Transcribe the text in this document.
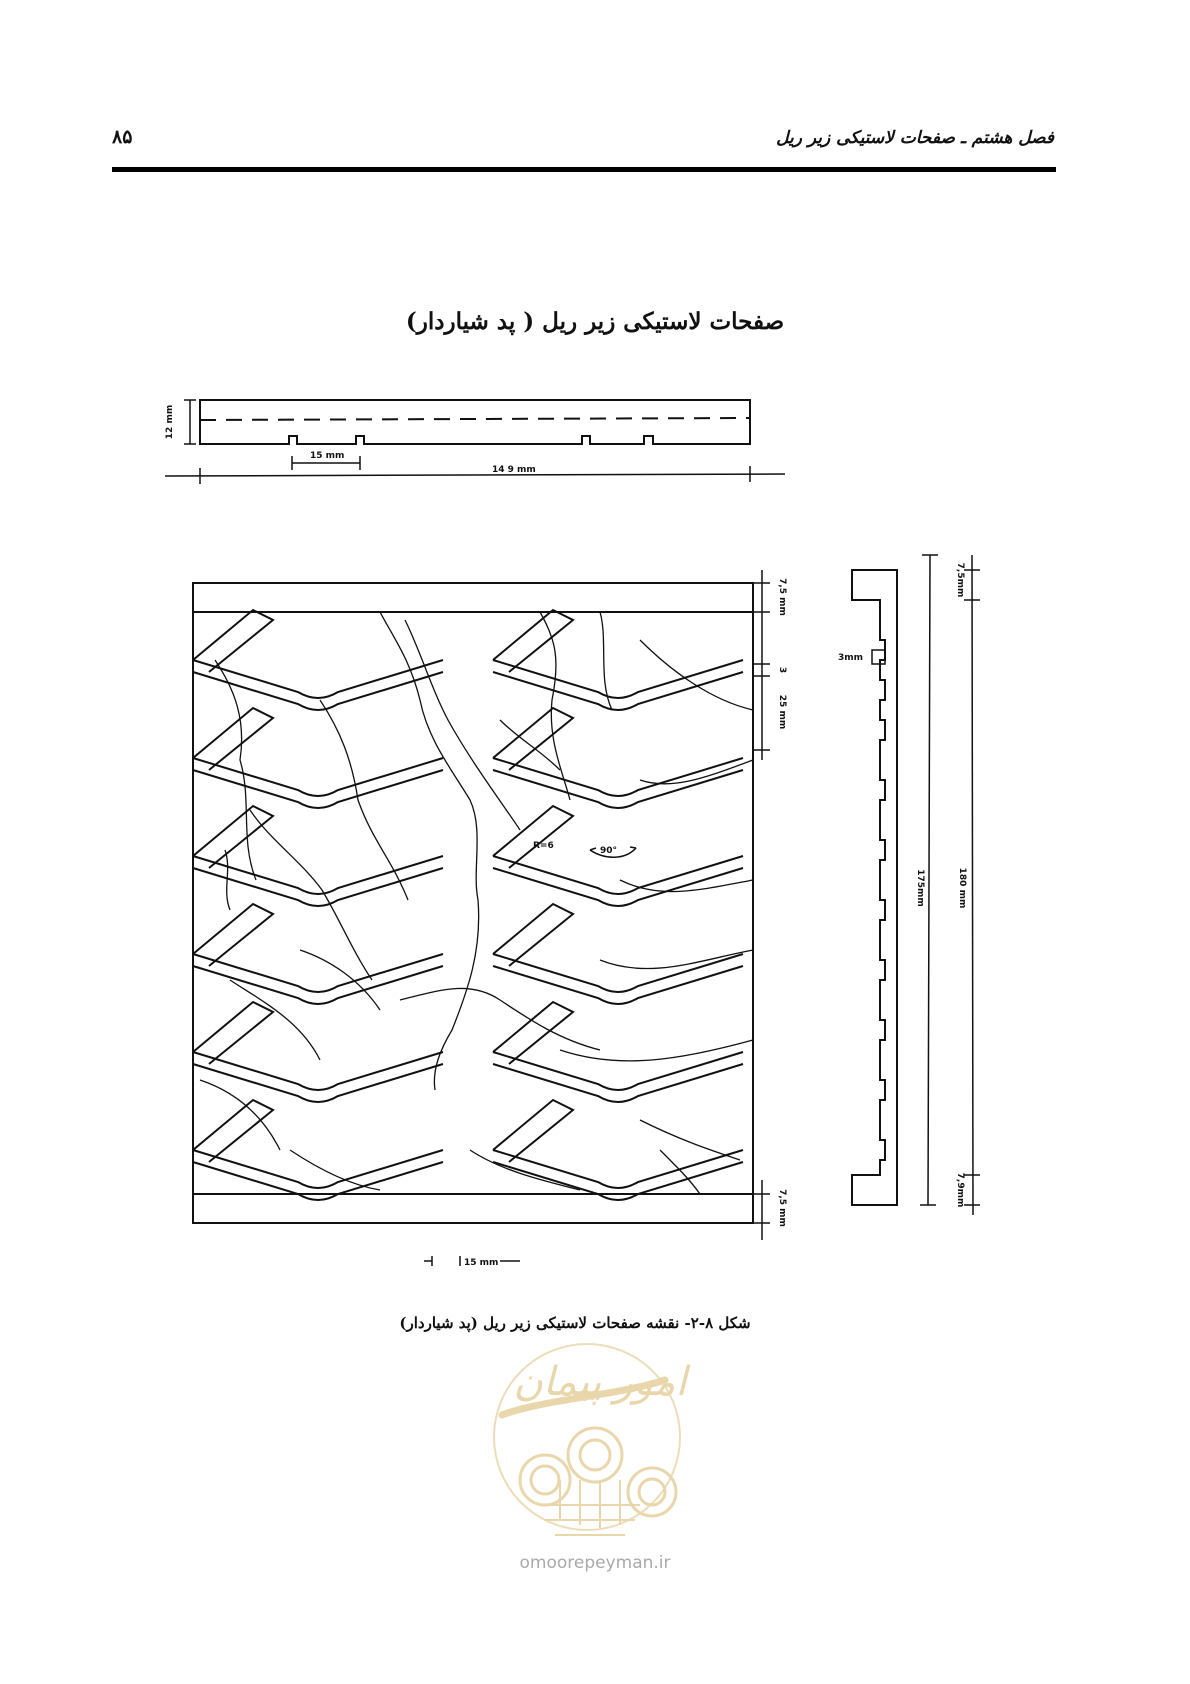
فصل هشتم ـ صفحات لاستیکی زیر ریل
۸۵
صفحات لاستیکی زیر ریل ( پد شیاردار)
12 mm
15 mm
14 9 mm
7,5 mm
3
25 mm
7,5 mm
15 mm
3mm
7,5mm
175mm	180 mm
7,9mm
90°
R=6
امور پیمان
شکل ۸-۲- نقشه صفحات لاستیکی زیر ریل (پد شیاردار)
omoorepeyman.ir
